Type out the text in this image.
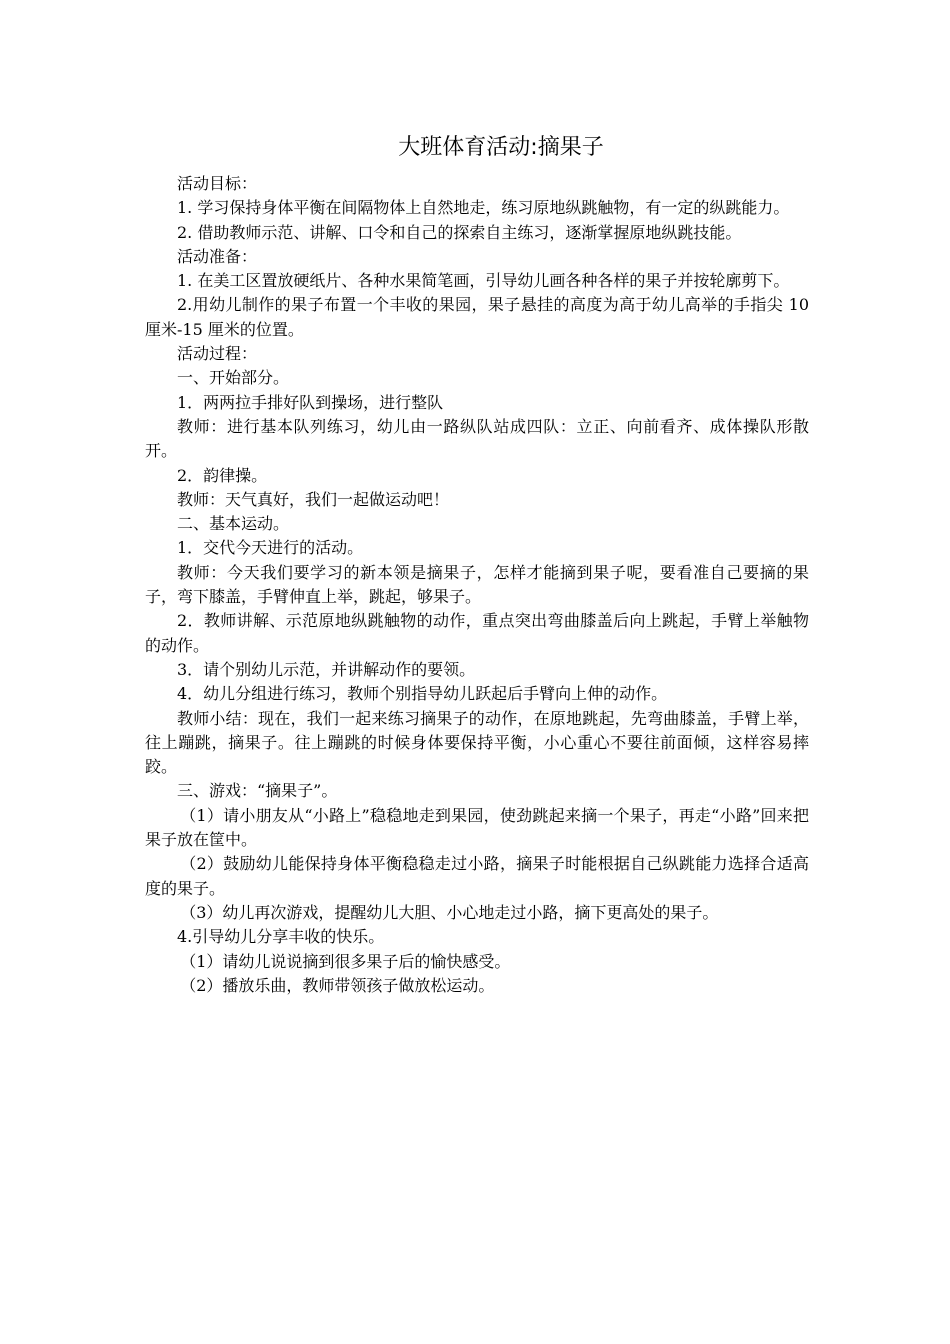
大班体育活动:摘果子

活动目标：

1. 学习保持身体平衡在间隔物体上自然地走，练习原地纵跳触物，有一定的纵跳能力。

2. 借助教师示范、讲解、口令和自己的探索自主练习，逐渐掌握原地纵跳技能。

活动准备：

1. 在美工区置放硬纸片、各种水果简笔画，引导幼儿画各种各样的果子并按轮廓剪下。

2.用幼儿制作的果子布置一个丰收的果园，果子悬挂的高度为高于幼儿高举的手指尖 10 厘米-15 厘米的位置。

活动过程：

一、开始部分。

1．两两拉手排好队到操场，进行整队

教师：进行基本队列练习，幼儿由一路纵队站成四队：立正、向前看齐、成体操队形散开。

2．韵律操。

教师：天气真好，我们一起做运动吧！

二、基本运动。

1．交代今天进行的活动。

教师：今天我们要学习的新本领是摘果子，怎样才能摘到果子呢，要看准自己要摘的果子，弯下膝盖，手臂伸直上举，跳起，够果子。

2．教师讲解、示范原地纵跳触物的动作，重点突出弯曲膝盖后向上跳起，手臂上举触物的动作。

3．请个别幼儿示范，并讲解动作的要领。

4．幼儿分组进行练习，教师个别指导幼儿跃起后手臂向上伸的动作。

教师小结：现在，我们一起来练习摘果子的动作，在原地跳起，先弯曲膝盖，手臂上举，往上蹦跳，摘果子。往上蹦跳的时候身体要保持平衡，小心重心不要往前面倾，这样容易摔跤。

三、游戏：“摘果子”。

（1）请小朋友从“小路上”稳稳地走到果园，使劲跳起来摘一个果子，再走“小路”回来把果子放在筐中。

（2）鼓励幼儿能保持身体平衡稳稳走过小路，摘果子时能根据自己纵跳能力选择合适高度的果子。

（3）幼儿再次游戏，提醒幼儿大胆、小心地走过小路，摘下更高处的果子。

4.引导幼儿分享丰收的快乐。

（1）请幼儿说说摘到很多果子后的愉快感受。

（2）播放乐曲，教师带领孩子做放松运动。
